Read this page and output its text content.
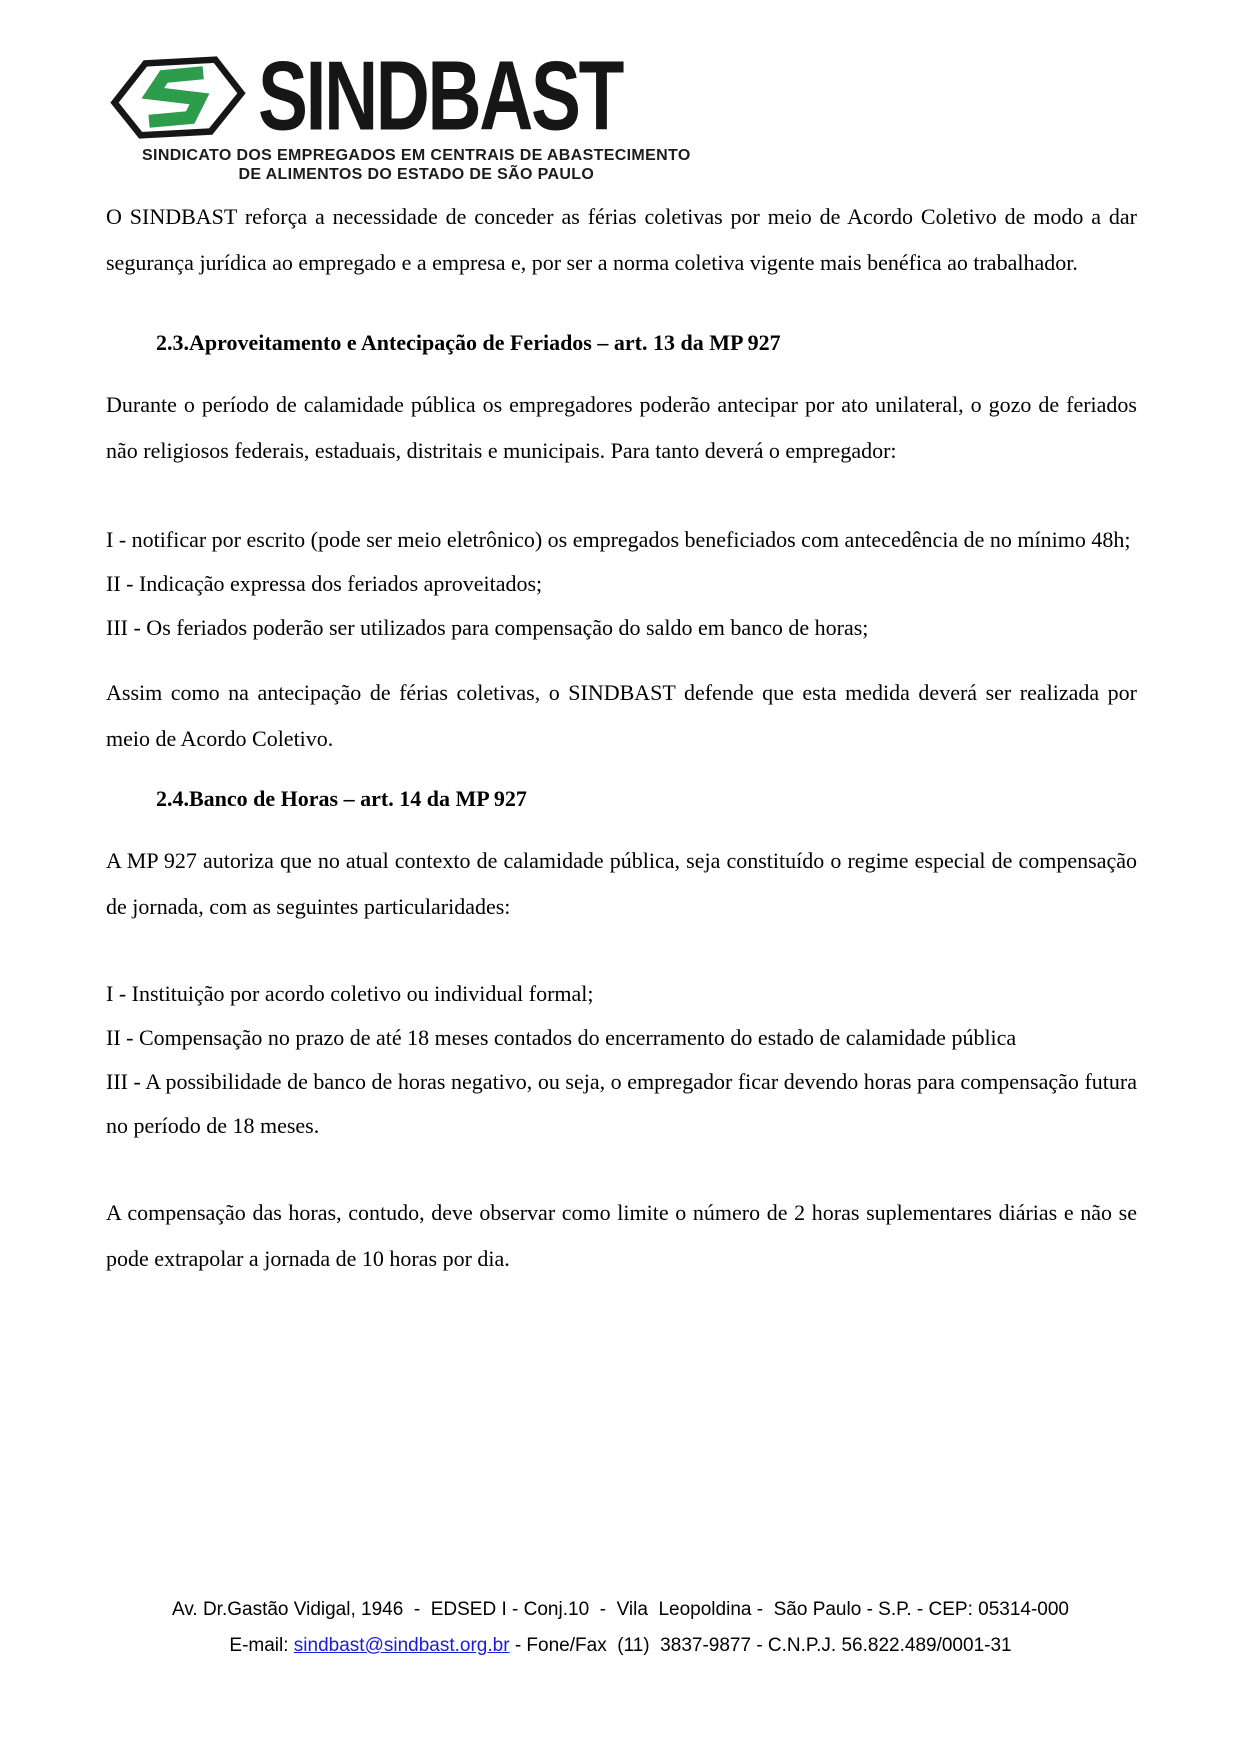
SINDBAST
SINDICATO DOS EMPREGADOS EM CENTRAIS DE ABASTECIMENTO
DE ALIMENTOS DO ESTADO DE SÃO PAULO

O SINDBAST reforça a necessidade de conceder as férias coletivas por meio de Acordo Coletivo de modo a dar segurança jurídica ao empregado e a empresa e, por ser a norma coletiva vigente mais benéfica ao trabalhador.

2.3.Aproveitamento e Antecipação de Feriados – art. 13 da MP 927

Durante o período de calamidade pública os empregadores poderão antecipar por ato unilateral, o gozo de feriados não religiosos federais, estaduais, distritais e municipais. Para tanto deverá o empregador:

I - notificar por escrito (pode ser meio eletrônico) os empregados beneficiados com antecedência de no mínimo 48h;

II - Indicação expressa dos feriados aproveitados;

III - Os feriados poderão ser utilizados para compensação do saldo em banco de horas;

Assim como na antecipação de férias coletivas, o SINDBAST defende que esta medida deverá ser realizada por meio de Acordo Coletivo.

2.4.Banco de Horas – art. 14 da MP 927

A MP 927 autoriza que no atual contexto de calamidade pública, seja constituído o regime especial de compensação de jornada, com as seguintes particularidades:

I - Instituição por acordo coletivo ou individual formal;

II - Compensação no prazo de até 18 meses contados do encerramento do estado de calamidade pública

III - A possibilidade de banco de horas negativo, ou seja, o empregador ficar devendo horas para compensação futura no período de 18 meses.

A compensação das horas, contudo, deve observar como limite o número de 2 horas suplementares diárias e não se pode extrapolar a jornada de 10 horas por dia.

Av. Dr.Gastão Vidigal, 1946  -  EDSED I - Conj.10  -  Vila  Leopoldina -  São Paulo - S.P. - CEP: 05314-000
E-mail: sindbast@sindbast.org.br - Fone/Fax  (11)  3837-9877 - C.N.P.J. 56.822.489/0001-31
